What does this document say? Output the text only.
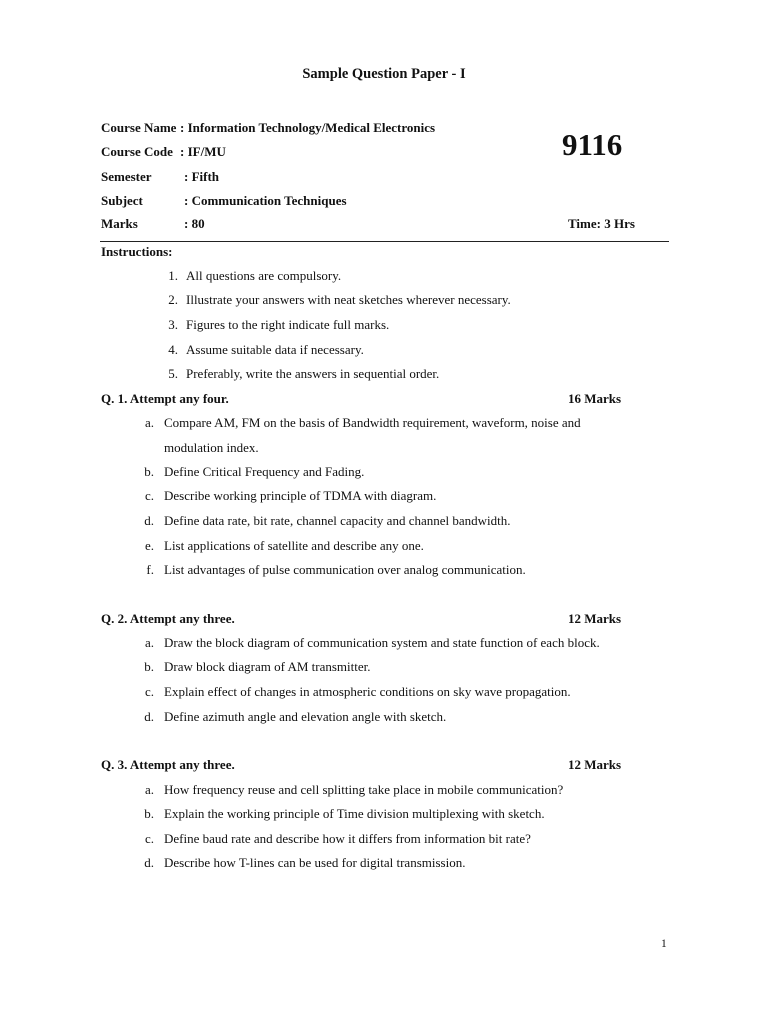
Sample Question Paper - I
Course Name : Information Technology/Medical Electronics
Course Code : IF/MU
Semester : Fifth
Subject	: Communication Techniques
Marks	: 80
9116
Time: 3 Hrs
Instructions:
1. All questions are compulsory.
2. Illustrate your answers with neat sketches wherever necessary.
3. Figures to the right indicate full marks.
4. Assume suitable data if necessary.
5. Preferably, write the answers in sequential order.
Q. 1. Attempt any four.	16 Marks
a. Compare AM, FM on the basis of Bandwidth requirement, waveform, noise and
modulation index.
b. Define Critical Frequency and Fading.
c. Describe working principle of TDMA with diagram.
d. Define data rate, bit rate, channel capacity and channel bandwidth.
e. List applications of satellite and describe any one.
f. List advantages of pulse communication over analog communication.
Q. 2. Attempt any three.	12 Marks
a. Draw the block diagram of communication system and state function of each block.
b. Draw block diagram of AM transmitter.
c. Explain effect of changes in atmospheric conditions on sky wave propagation.
d. Define azimuth angle and elevation angle with sketch.
Q. 3. Attempt any three.	12 Marks
a. How frequency reuse and cell splitting take place in mobile communication?
b. Explain the working principle of Time division multiplexing with sketch.
c. Define baud rate and describe how it differs from information bit rate?
d. Describe how T-lines can be used for digital transmission.
1
